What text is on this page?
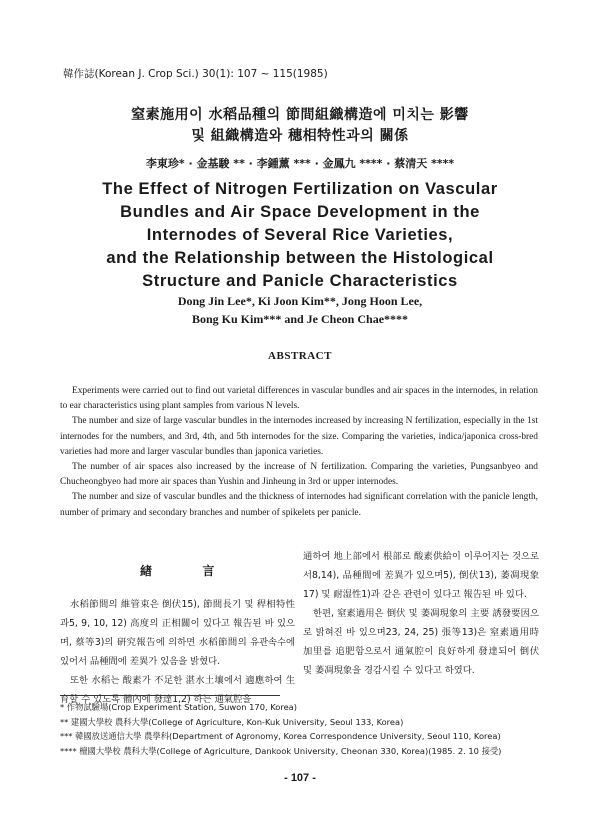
韓作誌(Korean J. Crop Sci.) 30(1): 107 ~ 115(1985)
窒素施用이 水稻品種의 節間組織構造에 미치는 影響
및 組織構造와 穗相特性과의 關係
李東珍* · 金基駿 ** · 李鍾薰 *** · 金鳳九 **** · 蔡清天 ****
The Effect of Nitrogen Fertilization on Vascular
Bundles and Air Space Development in the
Internodes of Several Rice Varieties,
and the Relationship between the Histological
Structure and Panicle Characteristics
Dong Jin Lee*, Ki Joon Kim**, Jong Hoon Lee,
Bong Ku Kim*** and Je Cheon Chae****
ABSTRACT

Experiments were carried out to find out varietal differences in vascular bundles and air spaces in the internodes, in relation to ear characteristics using plant samples from various N levels.

The number and size of large vascular bundles in the internodes increased by increasing N fertilization, especially in the 1st internodes for the numbers, and 3rd, 4th, and 5th internodes for the size. Comparing the varieties, indica/japonica cross-bred varieties had more and larger vascular bundles than japonica varieties.

The number of air spaces also increased by the increase of N fertilization. Comparing the varieties, Pungsanbyeo and Chucheongbyeo had more air spaces than Yushin and Jinheung in 3rd or upper internodes.

The number and size of vascular bundles and the thickness of internodes had significant correlation with the panicle length, number of primary and secondary branches and number of spikelets per panicle.

緖	言

水稻節間의 維管束은 倒伏15), 節間長기 및 稈相特性과5, 9, 10, 12) 高度의 正相關이 있다고 報告된 바 있으며, 蔡等3)의 硏究報告에 의하면 水稻節間의 유관속수에 있어서 品種間에 差異가 있음을 밝혔다.

또한 水稻는 酸素가 不足한 湛水土壤에서 適應하여 生育할 수 있도록 體內에 發達1,2) 하는 通氣腔을

通하여 地上部에서 根部로 酸素供給이 이루어지는 것으로서8,14), 品種間에 差異가 있으며5), 倒伏13), 萎凋現象17) 및 耐湿性1)과 같은 관련이 있다고 報告된 바 있다.

한편, 窒素過用은 倒伏 및 萎凋現象의 主要 誘發要因으로 밝혀진 바 있으며23, 24, 25) 張等13)은 窒素過用時 加里를 追肥함으로서 通氣腔이 良好하게 發達되어 倒伏 및 萎凋現象을 경감시킬 수 있다고 하였다.

* 作物試驗場(Crop Experiment Station, Suwon 170, Korea)
** 建國大學校 農科大學(College of Agriculture, Kon-Kuk University, Seoul 133, Korea)
*** 韓國放送通信大學 農學科(Department of Agronomy, Korea Correspondence University, Seoul 110, Korea)
**** 檀國大學校 農科大學(College of Agriculture, Dankook University, Cheonan 330, Korea)(1985. 2. 10 接受)
- 107 -
